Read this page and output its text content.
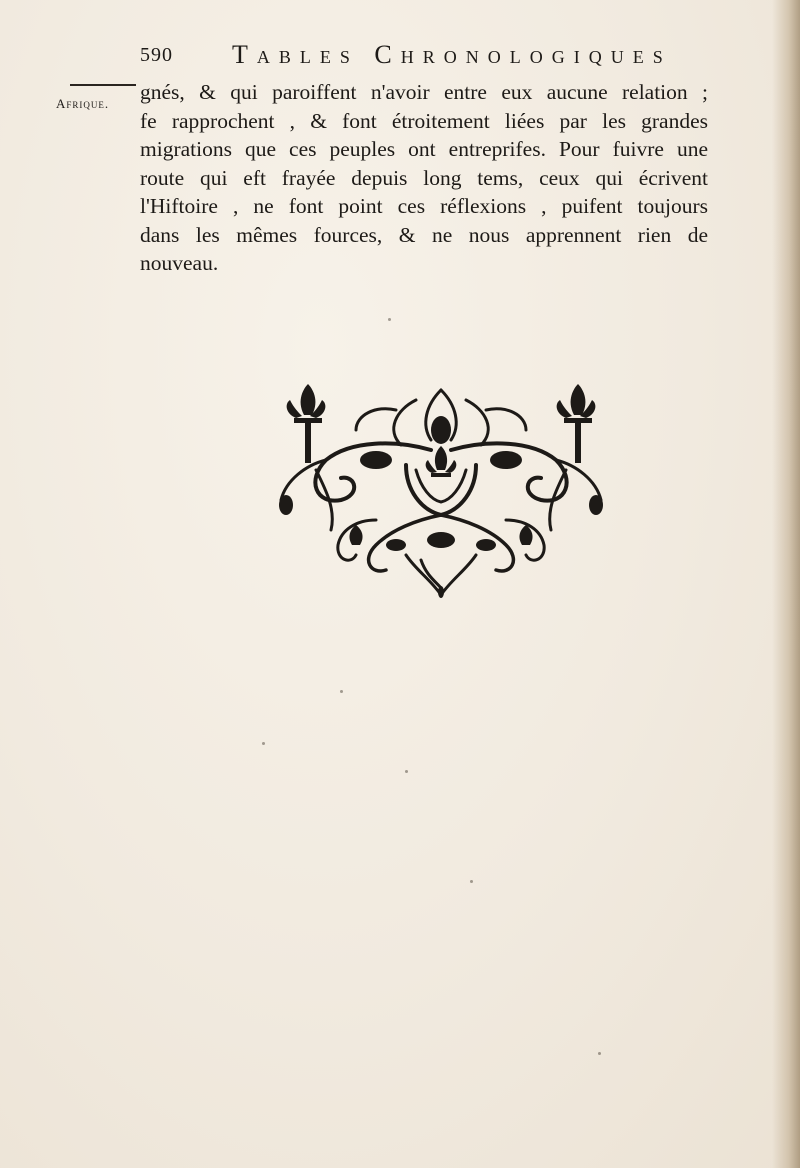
590 Tables Chronologiques
Afrique. gnés, & qui paroiffent n'avoir entre eux aucune relation ;
fe rapprochent , & font étroitement liées par les grandes
migrations que ces peuples ont entreprifes. Pour fuivre une
route qui eft frayée depuis long tems, ceux qui écrivent
l'Hiftoire , ne font point ces réflexions , puifent toujours
dans les mêmes fources, & ne nous apprennent rien de
nouveau.
